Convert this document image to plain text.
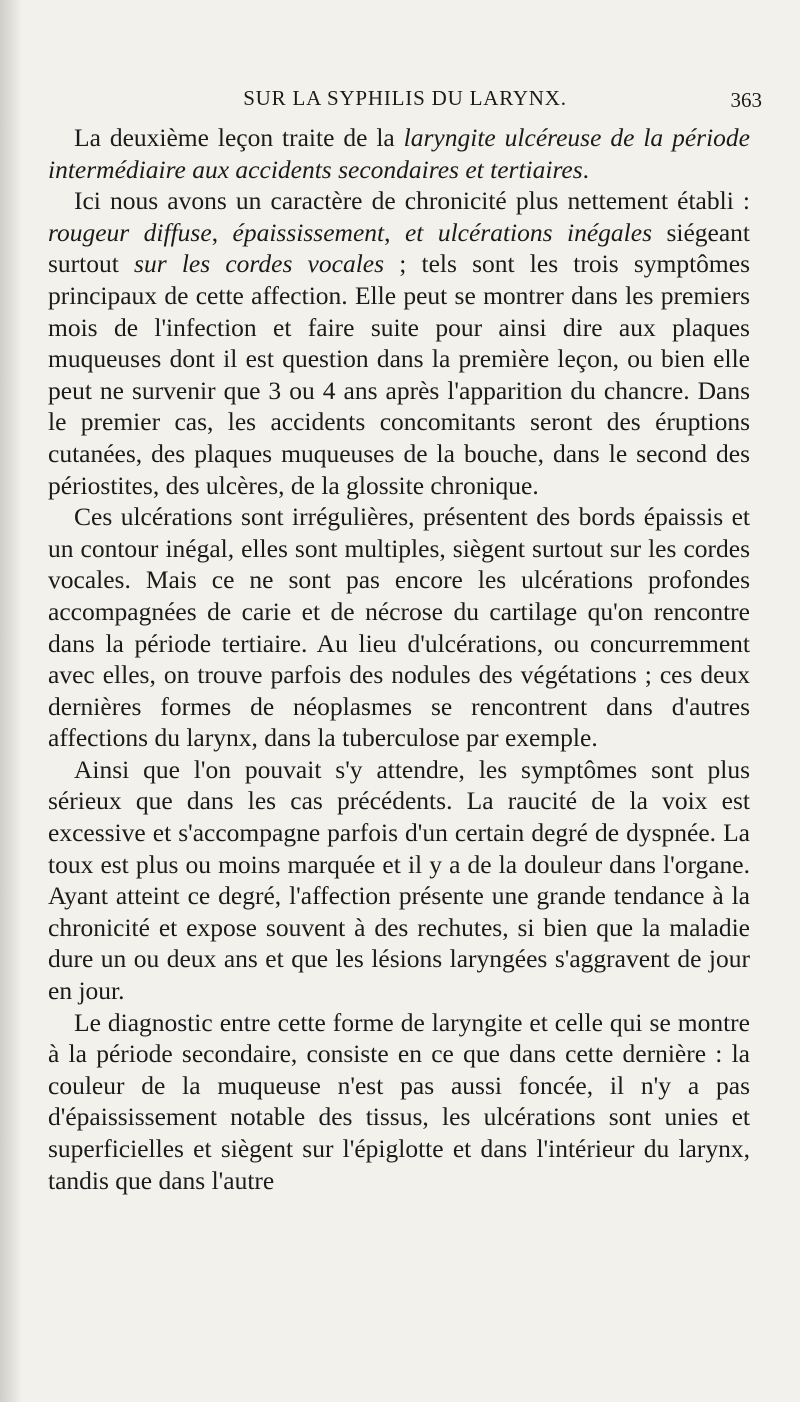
SUR LA SYPHILIS DU LARYNX.	363

La deuxième leçon traite de la laryngite ulcéreuse de la période intermédiaire aux accidents secondaires et tertiaires.

Ici nous avons un caractère de chronicité plus nettement établi : rougeur diffuse, épaississement, et ulcérations inégales siégeant surtout sur les cordes vocales ; tels sont les trois symptômes principaux de cette affection. Elle peut se montrer dans les premiers mois de l'infection et faire suite pour ainsi dire aux plaques muqueuses dont il est question dans la première leçon, ou bien elle peut ne survenir que 3 ou 4 ans après l'apparition du chancre. Dans le premier cas, les accidents concomitants seront des éruptions cutanées, des plaques muqueuses de la bouche, dans le second des périostites, des ulcères, de la glossite chronique.

Ces ulcérations sont irrégulières, présentent des bords épaissis et un contour inégal, elles sont multiples, siègent surtout sur les cordes vocales. Mais ce ne sont pas encore les ulcérations profondes accompagnées de carie et de nécrose du cartilage qu'on rencontre dans la période tertiaire. Au lieu d'ulcérations, ou concurremment avec elles, on trouve parfois des nodules des végétations ; ces deux dernières formes de néoplasmes se rencontrent dans d'autres affections du larynx, dans la tuberculose par exemple.

Ainsi que l'on pouvait s'y attendre, les symptômes sont plus sérieux que dans les cas précédents. La raucité de la voix est excessive et s'accompagne parfois d'un certain degré de dyspnée. La toux est plus ou moins marquée et il y a de la douleur dans l'organe. Ayant atteint ce degré, l'affection présente une grande tendance à la chronicité et expose souvent à des rechutes, si bien que la maladie dure un ou deux ans et que les lésions laryngées s'aggravent de jour en jour.

Le diagnostic entre cette forme de laryngite et celle qui se montre à la période secondaire, consiste en ce que dans cette dernière : la couleur de la muqueuse n'est pas aussi foncée, il n'y a pas d'épaississement notable des tissus, les ulcérations sont unies et superficielles et siègent sur l'épiglotte et dans l'intérieur du larynx, tandis que dans l'autre
